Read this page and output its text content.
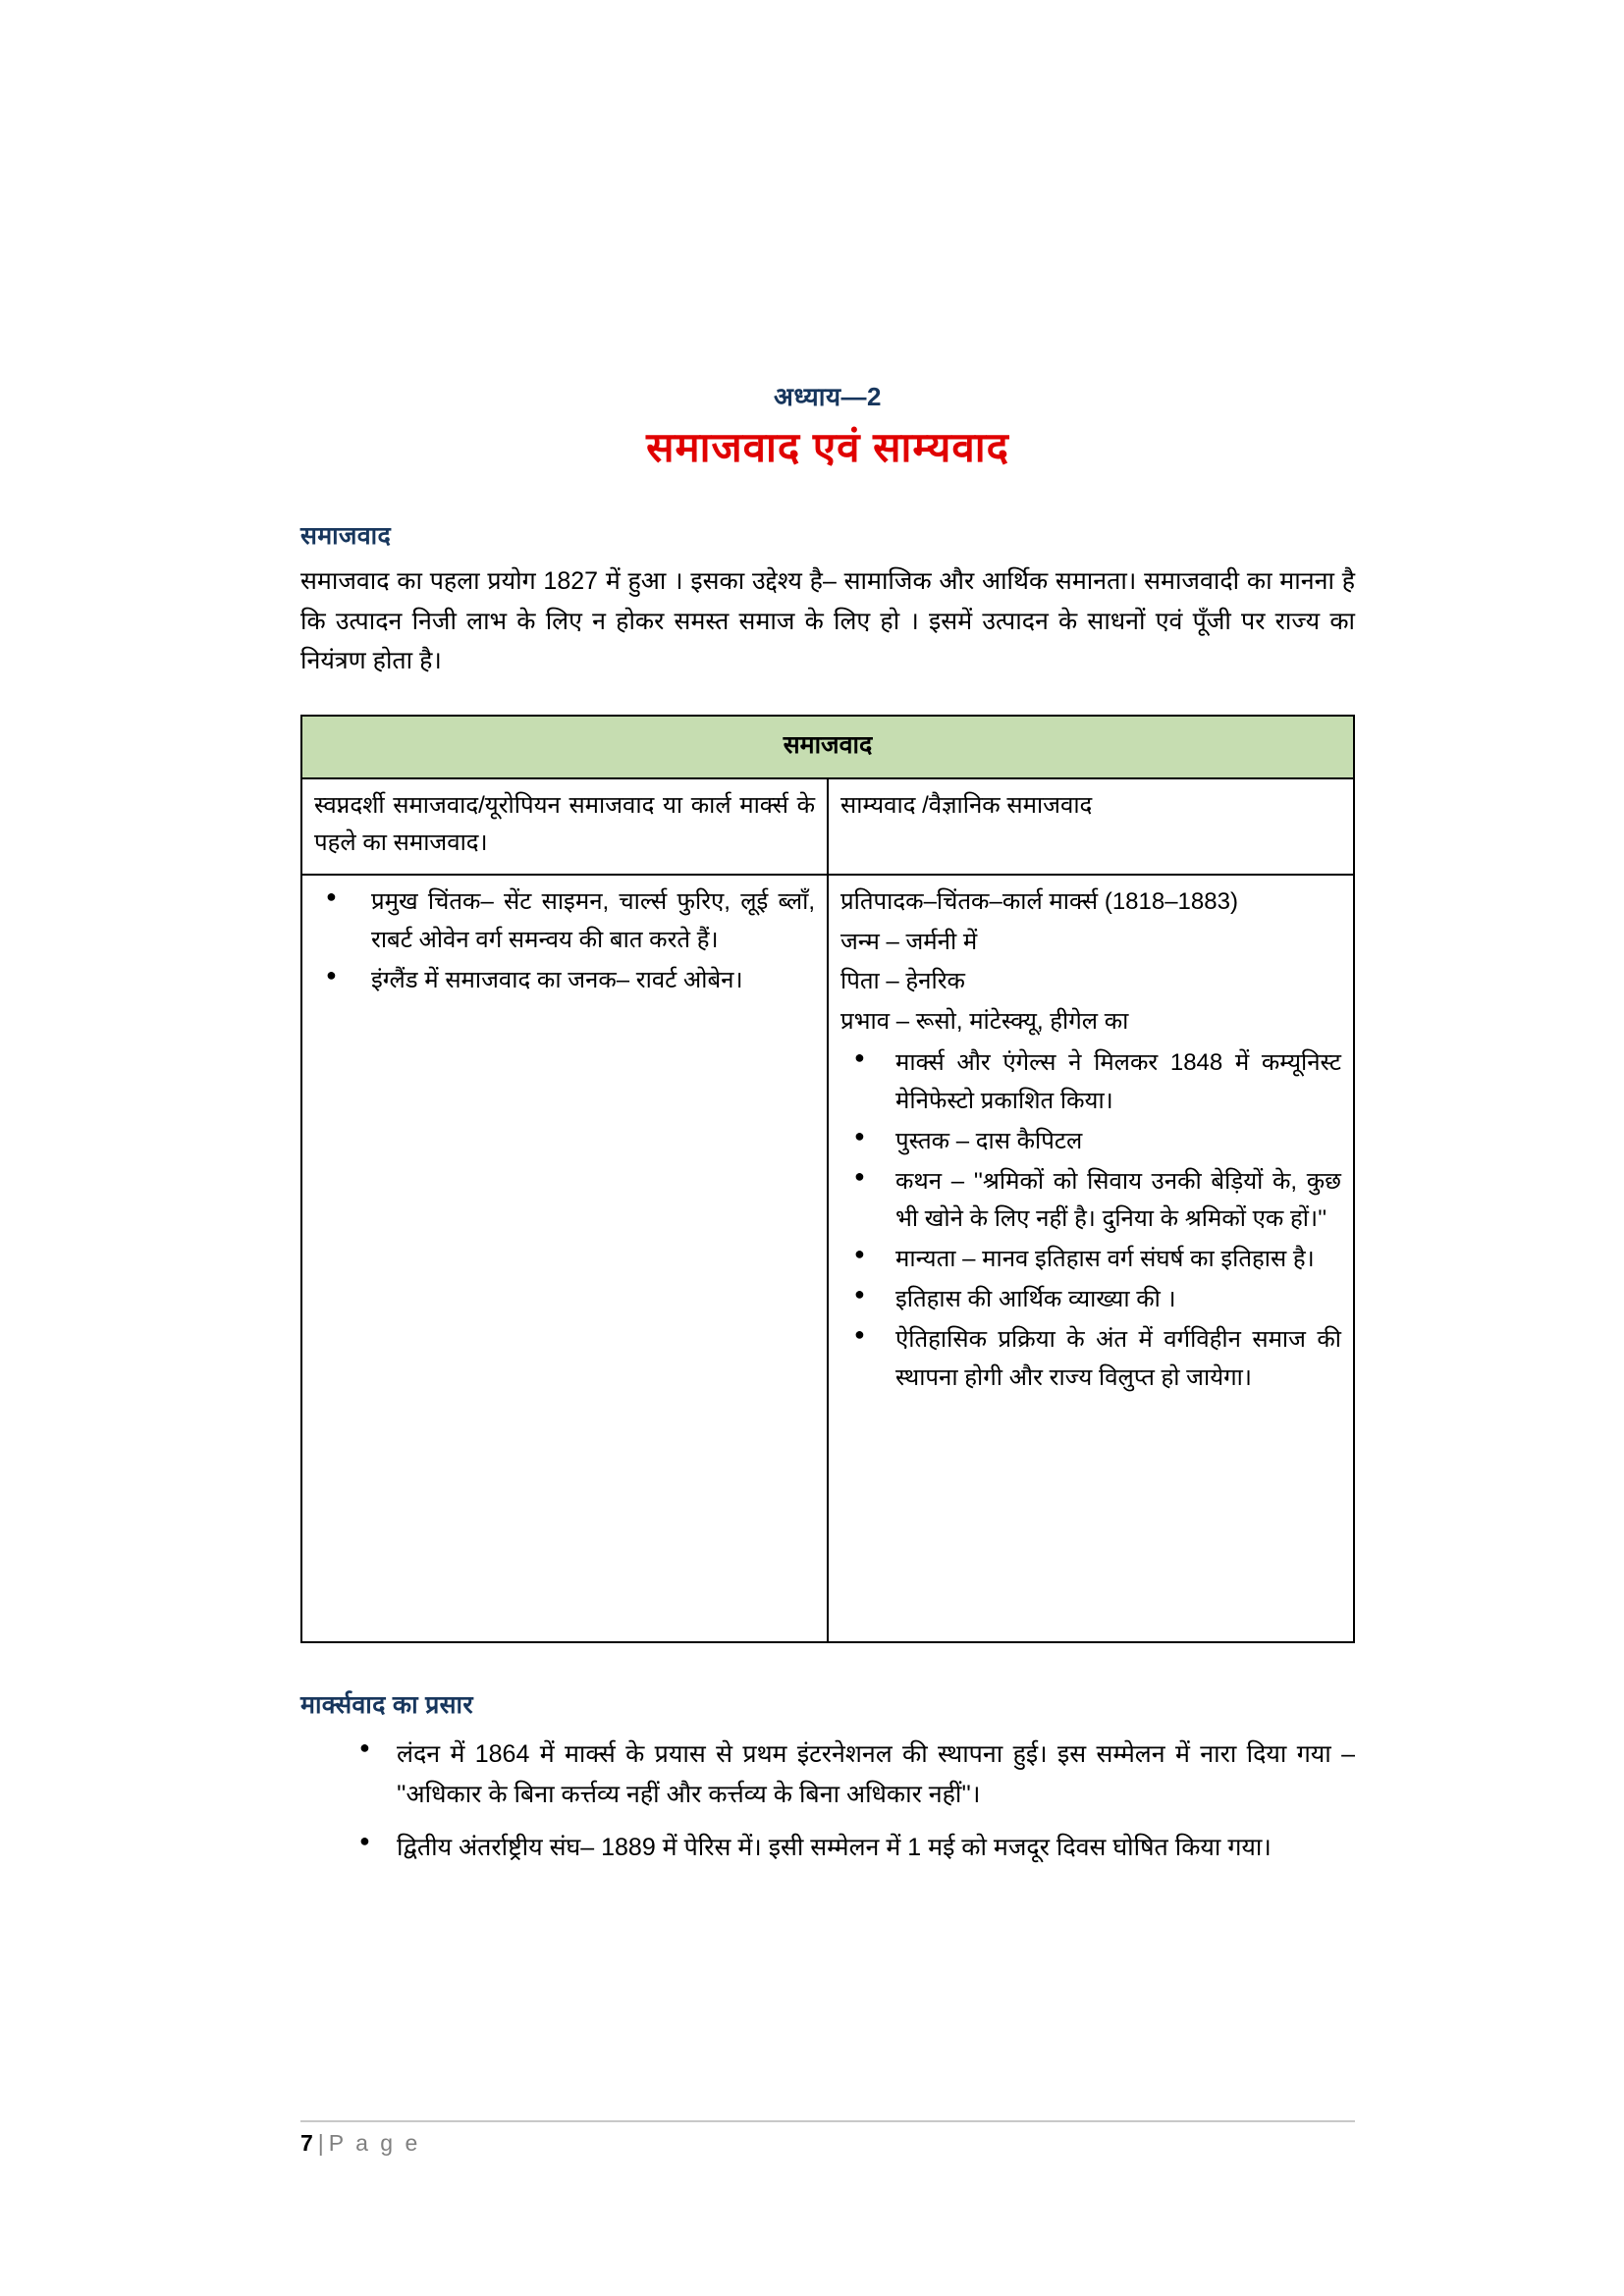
अध्याय—2
समाजवाद एवं साम्यवाद
समाजवाद

समाजवाद का पहला प्रयोग 1827 में हुआ । इसका उद्देश्य है– सामाजिक और आर्थिक समानता। समाजवादी का मानना है कि उत्पादन निजी लाभ के लिए न होकर समस्त समाज के लिए हो । इसमें उत्पादन के साधनों एवं पूँजी पर राज्य का नियंत्रण होता है।

समाजवाद	
स्वप्नदर्शी समाजवाद/यूरोपियन समाजवाद या कार्ल मार्क्स के पहले का समाजवाद।	साम्यवाद /वैज्ञानिक समाजवाद

● प्रमुख चिंतक– सेंट साइमन, चार्ल्स फुरिए, लूई ब्लाँ, राबर्ट ओवेन वर्ग समन्वय की बात करते हैं।
● इंग्लैंड में समाजवाद का जनक– रावर्ट ओबेन।

प्रतिपादक–चिंतक–कार्ल मार्क्स (1818–1883)
जन्म – जर्मनी में
पिता – हेनरिक
प्रभाव – रूसो, मांटेस्क्यू, हीगेल का
● मार्क्स और एंगेल्स ने मिलकर 1848 में कम्यूनिस्ट मेनिफेस्टो प्रकाशित किया।
● पुस्तक – दास कैपिटल
● कथन – ''श्रमिकों को सिवाय उनकी बेड़ियों के, कुछ भी खोने के लिए नहीं है। दुनिया के श्रमिकों एक हों।''
● मान्यता – मानव इतिहास वर्ग संघर्ष का इतिहास है।
● इतिहास की आर्थिक व्याख्या की ।
● ऐतिहासिक प्रक्रिया के अंत में वर्गविहीन समाज की स्थापना होगी और राज्य विलुप्त हो जायेगा।
मार्क्सवाद का प्रसार
● लंदन में 1864 में मार्क्स के प्रयास से प्रथम इंटरनेशनल की स्थापना हुई। इस सम्मेलन में नारा दिया गया – ''अधिकार के बिना कर्त्तव्य नहीं और कर्त्तव्य के बिना अधिकार नहीं''।
● द्वितीय अंतर्राष्ट्रीय संघ– 1889 में पेरिस में। इसी सम्मेलन में 1 मई को मजदूर दिवस घोषित किया गया।
7 | P a g e
